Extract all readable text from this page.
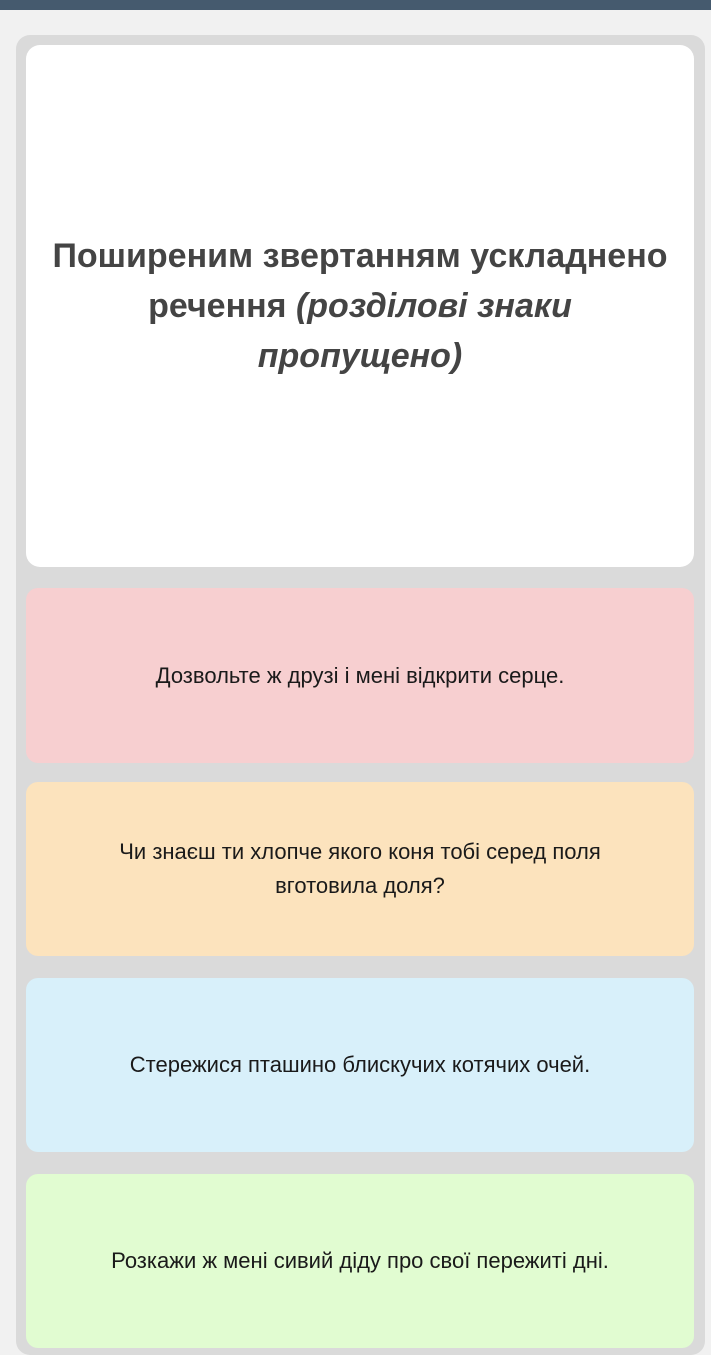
Поширеним звертанням ускладнено речення (розділові знаки пропущено)

Дозвольте ж друзі і мені відкрити серце.
Чи знаєш ти хлопче якого коня тобі серед поля вготовила доля?
Стережися пташино блискучих котячих очей.
Розкажи ж мені сивий діду про свої пережиті дні.
